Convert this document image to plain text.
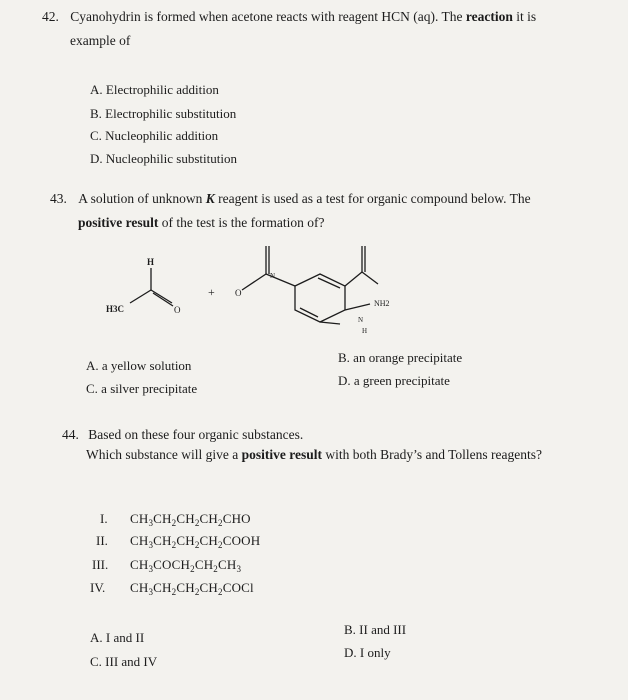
42. Cyanohydrin is formed when acetone reacts with reagent HCN (aq). The reaction it is
example of
A. Electrophilic addition
B. Electrophilic substitution
C. Nucleophilic addition
D. Nucleophilic substitution
43. A solution of unknown K reagent is used as a test for organic compound below. The
positive result of the test is the formation of?
H
H3C	O
+ O
N
NH2
N
H
A. a yellow solution
B. an orange precipitate
C. a silver precipitate
D. a green precipitate
44. Based on these four organic substances.
Which substance will give a positive result with both Brady’s and Tollens reagents?
I. $CH_3CH_2CH_2CH_2CHO$
II. $CH_3CH_2CH_2CH_2COOH$
III. $CH_3COCH_2CH_2CH_3$
IV. $CH_3CH_2CH_2CH_2COCl$
A. I and II
B. II and III
C. III and IV
D. I only
